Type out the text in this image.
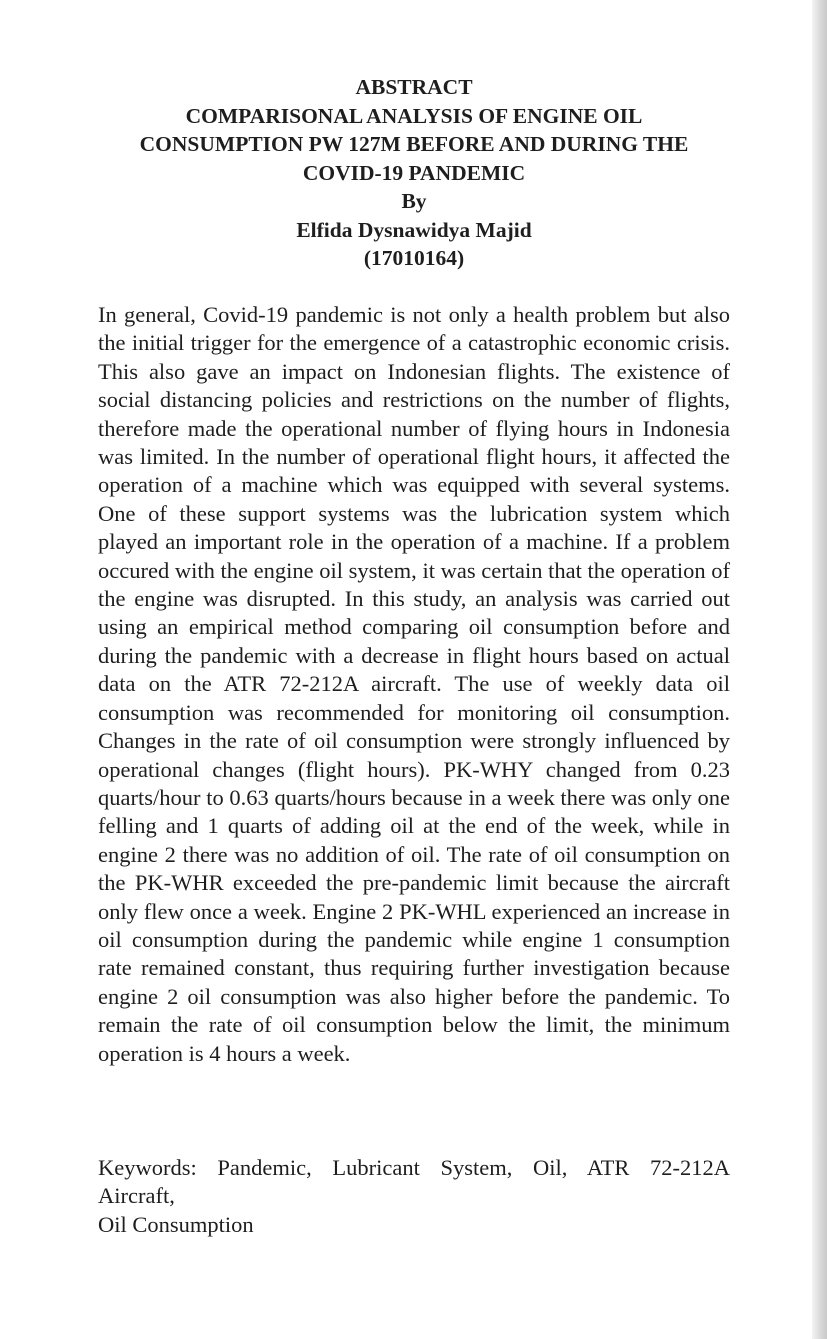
ABSTRACT
COMPARISONAL ANALYSIS OF ENGINE OIL
CONSUMPTION PW 127M BEFORE AND DURING THE
COVID-19 PANDEMIC
By
Elfida Dysnawidya Majid
(17010164)

In general, Covid-19 pandemic is not only a health problem but also the initial trigger for the emergence of a catastrophic economic crisis. This also gave an impact on Indonesian flights. The existence of social distancing policies and restrictions on the number of flights, therefore made the operational number of flying hours in Indonesia was limited. In the number of operational flight hours, it affected the operation of a machine which was equipped with several systems. One of these support systems was the lubrication system which played an important role in the operation of a machine. If a problem occured with the engine oil system, it was certain that the operation of the engine was disrupted. In this study, an analysis was carried out using an empirical method comparing oil consumption before and during the pandemic with a decrease in flight hours based on actual data on the ATR 72-212A aircraft. The use of weekly data oil consumption was recommended for monitoring oil consumption. Changes in the rate of oil consumption were strongly influenced by operational changes (flight hours). PK-WHY changed from 0.23 quarts/hour to 0.63 quarts/hours because in a week there was only one felling and 1 quarts of adding oil at the end of the week, while in engine 2 there was no addition of oil. The rate of oil consumption on the PK-WHR exceeded the pre-pandemic limit because the aircraft only flew once a week. Engine 2 PK-WHL experienced an increase in oil consumption during the pandemic while engine 1 consumption rate remained constant, thus requiring further investigation because engine 2 oil consumption was also higher before the pandemic. To remain the rate of oil consumption below the limit, the minimum operation is 4 hours a week.

Keywords: Pandemic, Lubricant System, Oil, ATR 72-212A
Aircraft,
Oil Consumption
